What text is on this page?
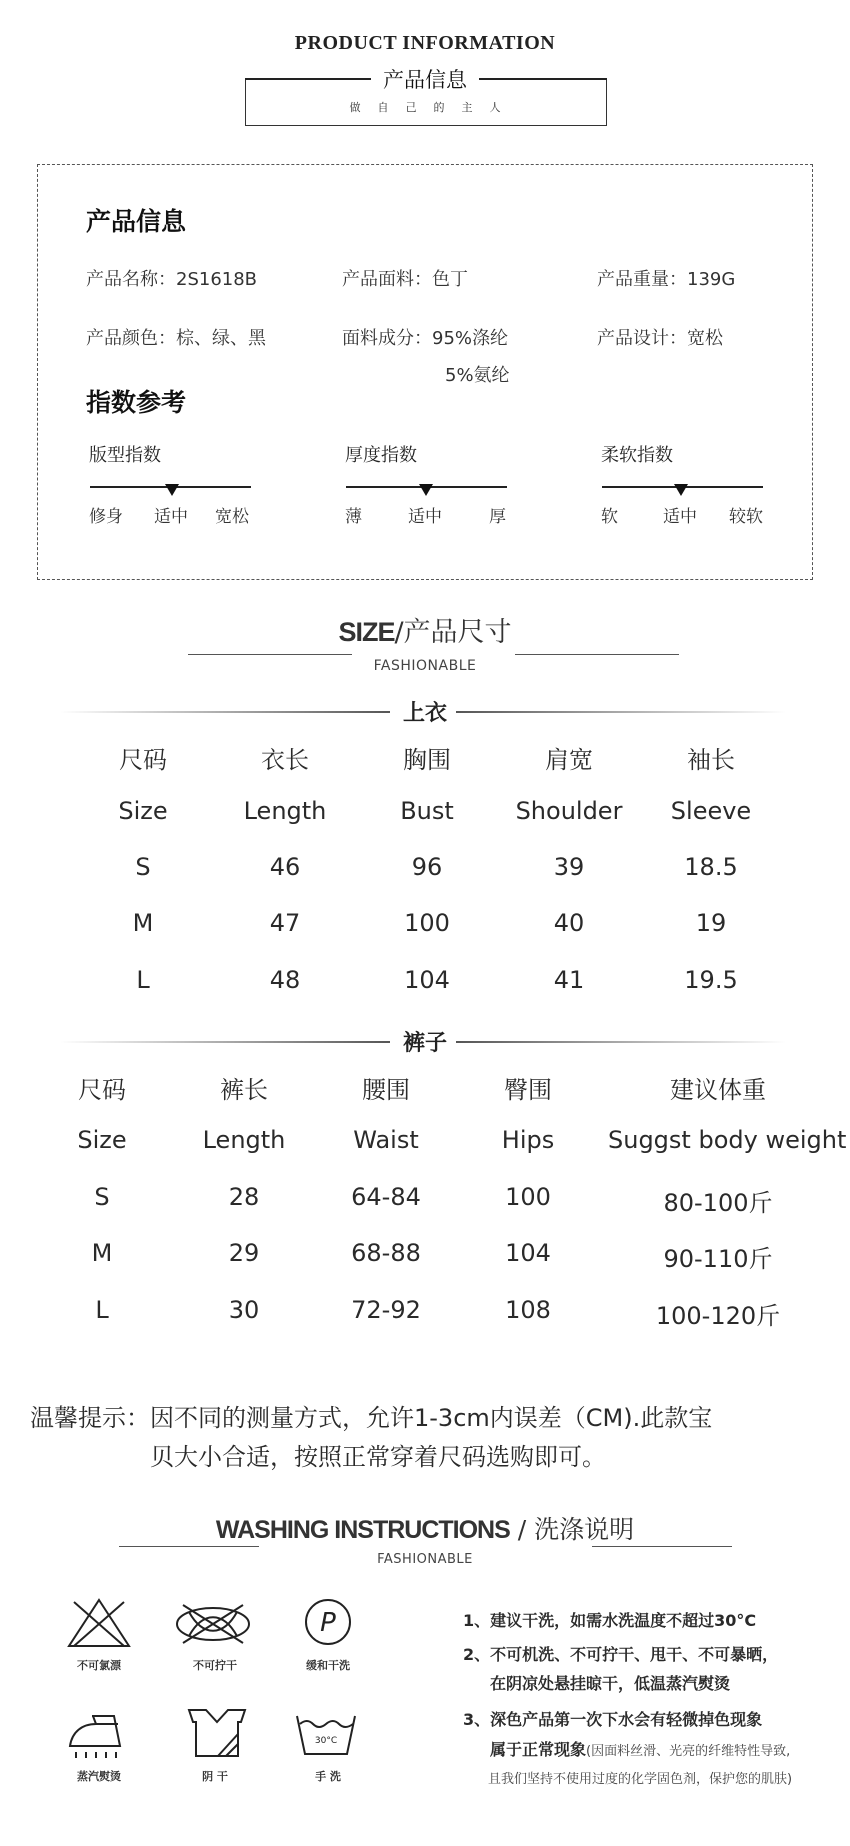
PRODUCT INFORMATION
产品信息
做自己的主人
产品信息
产品名称：2S1618B	产品面料：色丁	产品重量：139G
产品颜色：棕、绿、黑	面料成分：95%涤纶
5%氨纶
产品设计：宽松
指数参考
版型指数
修身 适中 宽松
厚度指数
薄	适中	厚
柔软指数
软	适中 较软
SIZE/产品尺寸
FASHIONABLE
上衣
尺码	衣长	胸围	肩宽	袖长
Size	Length	Bust	Shoulder	Sleeve
S	46	96	39	18.5
M	47	100	40	19
L	48	104	41	19.5
裤子
尺码	裤长	腰围	臀围	建议体重
Size	Length	Waist	Hips	Suggst body weight
S	28	64-84	100	80-100斤
M	29	68-88	104	90-110斤
L	30	72-92	108	100-120斤
温馨提示：因不同的测量方式，允许1-3cm内误差（CM).此款宝
贝大小合适，按照正常穿着尺码选购即可。
WASHING INSTRUCTIONS / 洗涤说明
FASHIONABLE
不可氯漂	不可拧干
P
缓和干洗
蒸汽熨烫	阴 干
30°C
手 洗
1、建议干洗，如需水洗温度不超过30°C
2、不可机洗、不可拧干、甩干、不可暴晒，
在阴凉处悬挂晾干，低温蒸汽熨烫
3、深色产品第一次下水会有轻微掉色现象
属于正常现象(因面料丝滑、光亮的纤维特性导致,
且我们坚持不使用过度的化学固色剂，保护您的肌肤)
